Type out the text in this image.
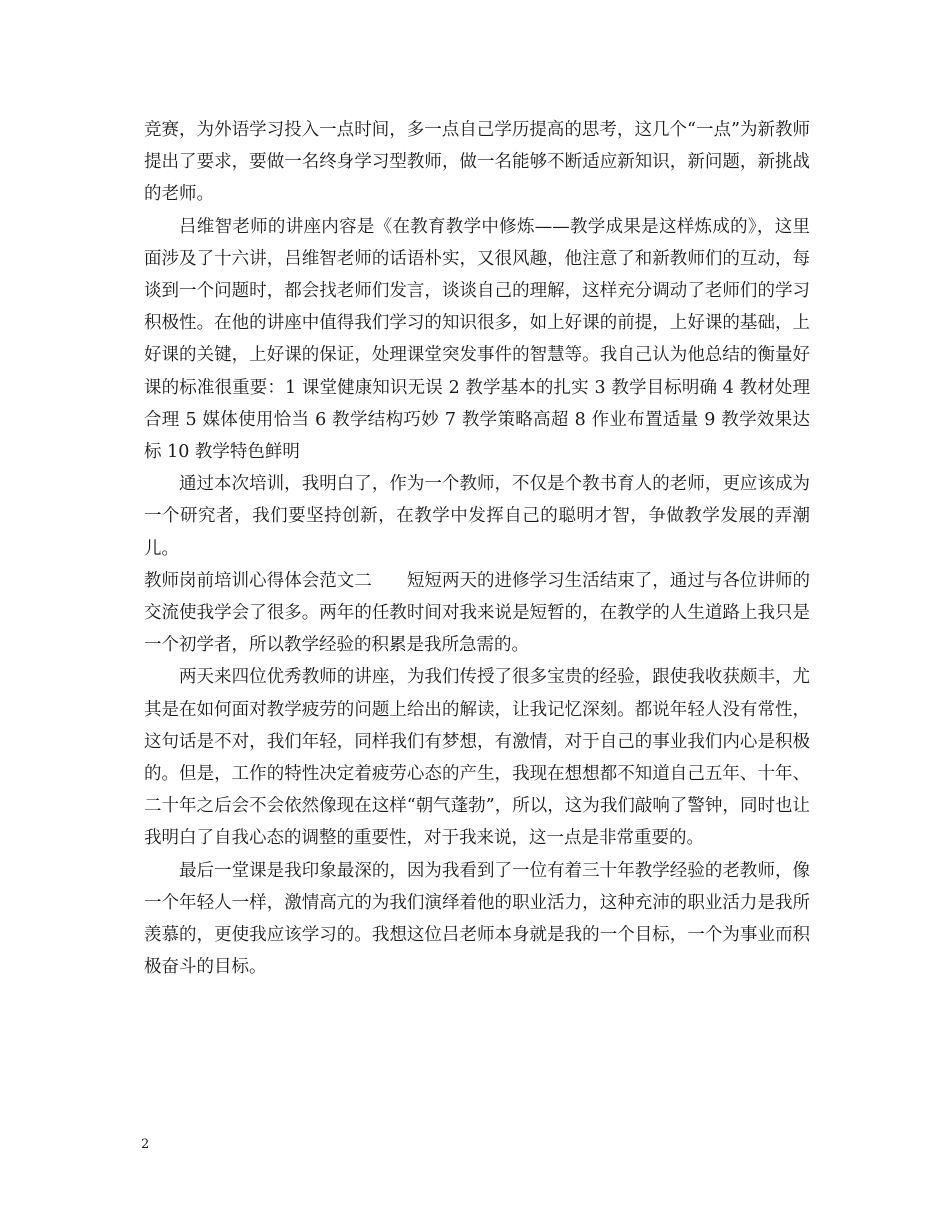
竞赛，为外语学习投入一点时间，多一点自己学历提高的思考，这几个“一点”为新教师提出了要求，要做一名终身学习型教师，做一名能够不断适应新知识，新问题，新挑战的老师。

吕维智老师的讲座内容是《在教育教学中修炼——教学成果是这样炼成的》，这里面涉及了十六讲，吕维智老师的话语朴实，又很风趣，他注意了和新教师们的互动，每谈到一个问题时，都会找老师们发言，谈谈自己的理解，这样充分调动了老师们的学习积极性。在他的讲座中值得我们学习的知识很多，如上好课的前提，上好课的基础，上好课的关键，上好课的保证，处理课堂突发事件的智慧等。我自己认为他总结的衡量好课的标准很重要：1 课堂健康知识无误 2 教学基本的扎实 3 教学目标明确 4 教材处理合理 5 媒体使用恰当 6 教学结构巧妙 7 教学策略高超 8 作业布置适量 9 教学效果达标 10 教学特色鲜明

通过本次培训，我明白了，作为一个教师，不仅是个教书育人的老师，更应该成为一个研究者，我们要坚持创新，在教学中发挥自己的聪明才智，争做教学发展的弄潮儿。

教师岗前培训心得体会范文二　　短短两天的进修学习生活结束了，通过与各位讲师的交流使我学会了很多。两年的任教时间对我来说是短暂的，在教学的人生道路上我只是一个初学者，所以教学经验的积累是我所急需的。

两天来四位优秀教师的讲座，为我们传授了很多宝贵的经验，跟使我收获颇丰，尤其是在如何面对教学疲劳的问题上给出的解读，让我记忆深刻。都说年轻人没有常性，这句话是不对，我们年轻，同样我们有梦想，有激情，对于自己的事业我们内心是积极的。但是，工作的特性决定着疲劳心态的产生，我现在想想都不知道自己五年、十年、二十年之后会不会依然像现在这样“朝气蓬勃”，所以，这为我们敲响了警钟，同时也让我明白了自我心态的调整的重要性，对于我来说，这一点是非常重要的。

最后一堂课是我印象最深的，因为我看到了一位有着三十年教学经验的老教师，像一个年轻人一样，激情高亢的为我们演绎着他的职业活力，这种充沛的职业活力是我所羡慕的，更使我应该学习的。我想这位吕老师本身就是我的一个目标，一个为事业而积极奋斗的目标。

2
